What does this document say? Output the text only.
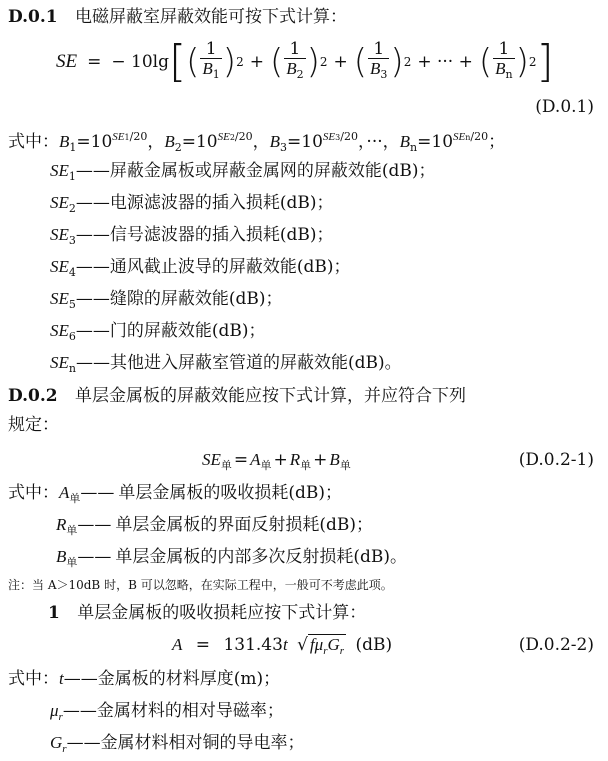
D.0.1 电磁屏蔽室屏蔽效能可按下式计算：
SE = − 10lg [ ( $\frac{1}{B_1}$ ) 2 + ( $\frac{1}{B_2}$ ) 2 + ( $\frac{1}{B_3}$ ) 2 + ··· + ( $\frac{1}{B_n}$ ) 2 ]
(D.0.1)
式中：$B_1=10^{SE1/20}$，$B_2=10^{SE2/20}$，$B_3=10^{SE3/20}$，···，$B_n=10^{SEn/20}$；
$SE_1——$屏蔽金属板或屏蔽金属网的屏蔽效能(dB)；
$SE_2——$电源滤波器的插入损耗(dB)；
$SE_3——$信号滤波器的插入损耗(dB)；
$SE_4——$通风截止波导的屏蔽效能(dB)；
$SE_5——$缝隙的屏蔽效能(dB)；
$SE_6——$门的屏蔽效能(dB)；
$SE_n——$其他进入屏蔽室管道的屏蔽效能(dB)。
D.0.2 单层金属板的屏蔽效能应按下式计算，并应符合下列
规定：
$SE_单 = A_单 + R_单 + B_单$	(D.0.2-1)
式中：$A_单——$ 单层金属板的吸收损耗(dB)；
$R_单——$ 单层金属板的界面反射损耗(dB)；
$B_单——$ 单层金属板的内部多次反射损耗(dB)。
注：当 A＞10dB 时，B 可以忽略，在实际工程中，一般可不考虑此项。
1 单层金属板的吸收损耗应按下式计算：
A = 131.43t √ $f\mu_rG_r$ (dB)	(D.0.2-2)
式中：t——金属板的材料厚度(m)；
$\mu_r——$金属材料的相对导磁率；
$G_r——$金属材料相对铜的导电率；
